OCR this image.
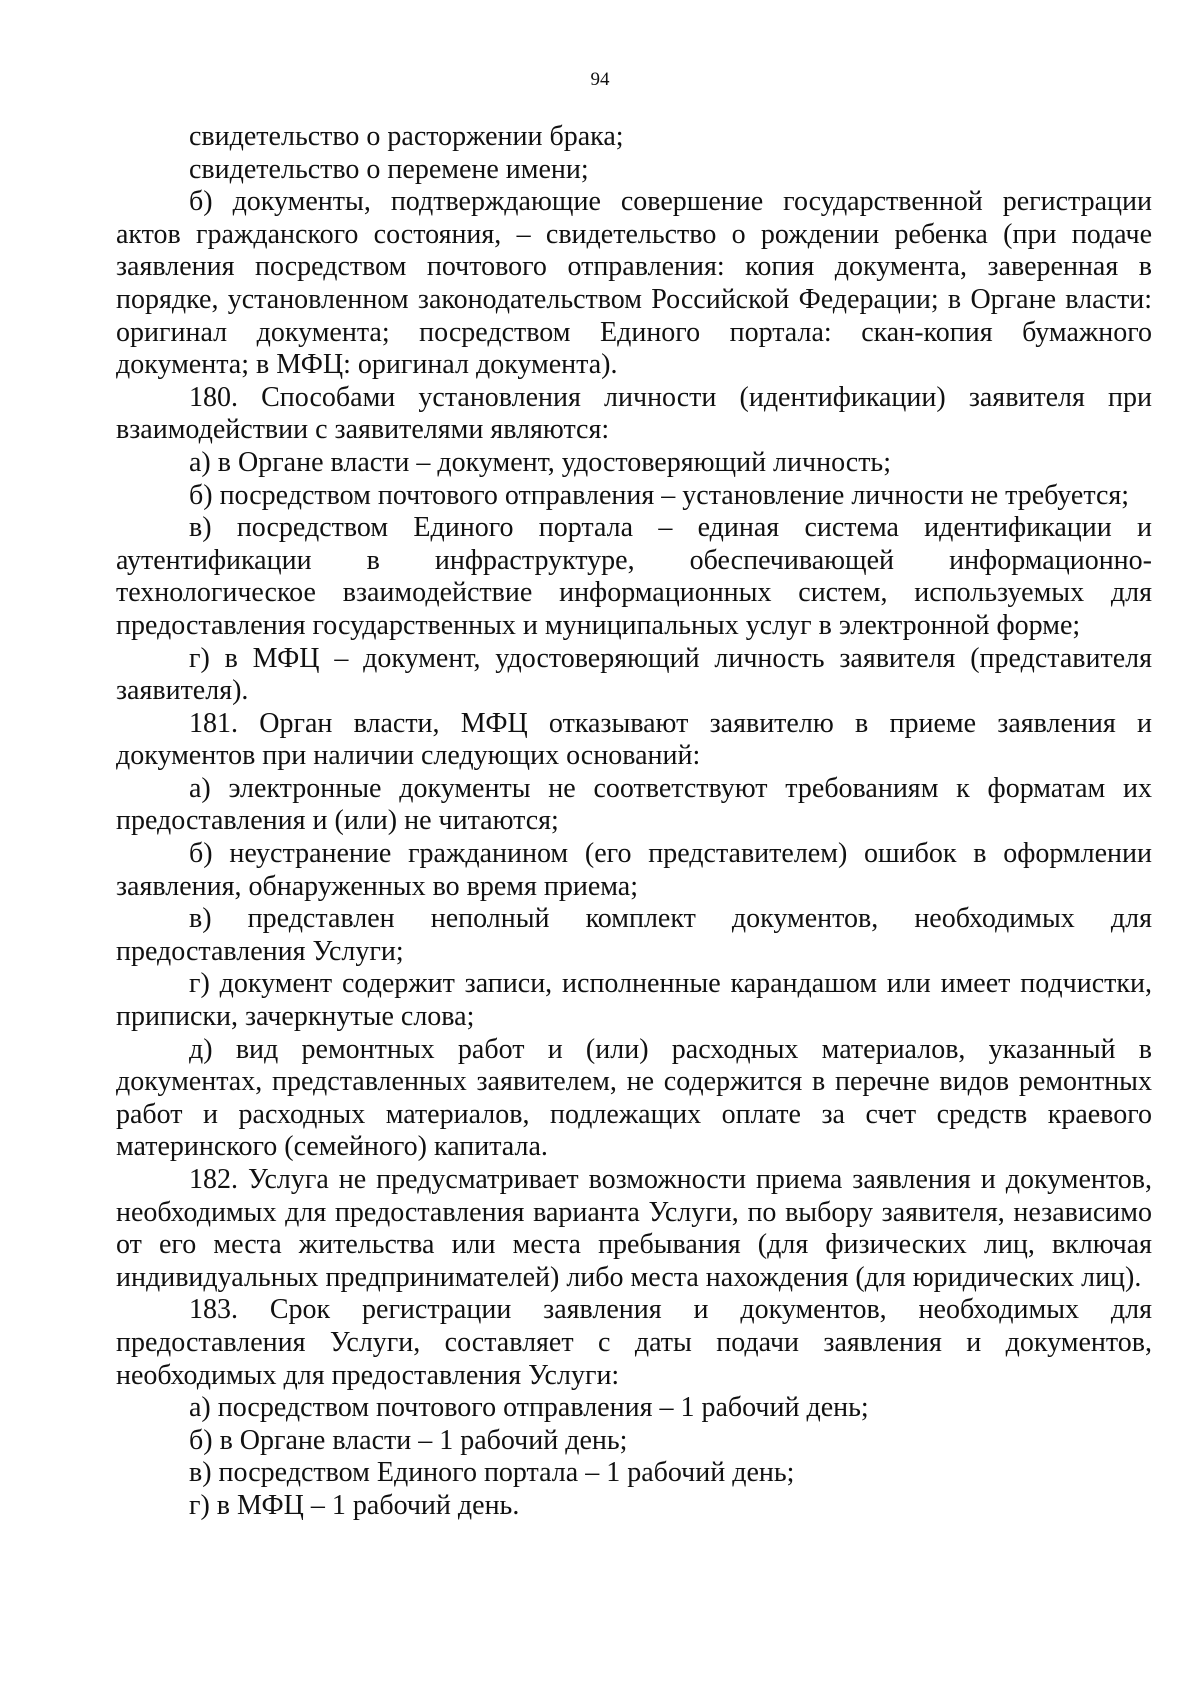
94

свидетельство о расторжении брака;

свидетельство о перемене имени;

б) документы, подтверждающие совершение государственной регистрации актов гражданского состояния, – свидетельство о рождении ребенка (при подаче заявления посредством почтового отправления: копия документа, заверенная в порядке, установленном законодательством Российской Федерации; в Органе власти: оригинал документа; посредством Единого портала: скан-копия бумажного документа; в МФЦ: оригинал документа).

180. Способами установления личности (идентификации) заявителя при взаимодействии с заявителями являются:

а) в Органе власти – документ, удостоверяющий личность;

б) посредством почтового отправления – установление личности не требуется;

в) посредством Единого портала – единая система идентификации и аутентификации в инфраструктуре, обеспечивающей информационно-технологическое взаимодействие информационных систем, используемых для предоставления государственных и муниципальных услуг в электронной форме;

г) в МФЦ – документ, удостоверяющий личность заявителя (представителя заявителя).

181. Орган власти, МФЦ отказывают заявителю в приеме заявления и документов при наличии следующих оснований:

а) электронные документы не соответствуют требованиям к форматам их предоставления и (или) не читаются;

б) неустранение гражданином (его представителем) ошибок в оформлении заявления, обнаруженных во время приема;

в) представлен неполный комплект документов, необходимых для предоставления Услуги;

г) документ содержит записи, исполненные карандашом или имеет подчистки, приписки, зачеркнутые слова;

д) вид ремонтных работ и (или) расходных материалов, указанный в документах, представленных заявителем, не содержится в перечне видов ремонтных работ и расходных материалов, подлежащих оплате за счет средств краевого материнского (семейного) капитала.

182. Услуга не предусматривает возможности приема заявления и документов, необходимых для предоставления варианта Услуги, по выбору заявителя, независимо от его места жительства или места пребывания (для физических лиц, включая индивидуальных предпринимателей) либо места нахождения (для юридических лиц).

183. Срок регистрации заявления и документов, необходимых для предоставления Услуги, составляет с даты подачи заявления и документов, необходимых для предоставления Услуги:

а) посредством почтового отправления – 1 рабочий день;

б) в Органе власти – 1 рабочий день;

в) посредством Единого портала – 1 рабочий день;

г) в МФЦ – 1 рабочий день.
